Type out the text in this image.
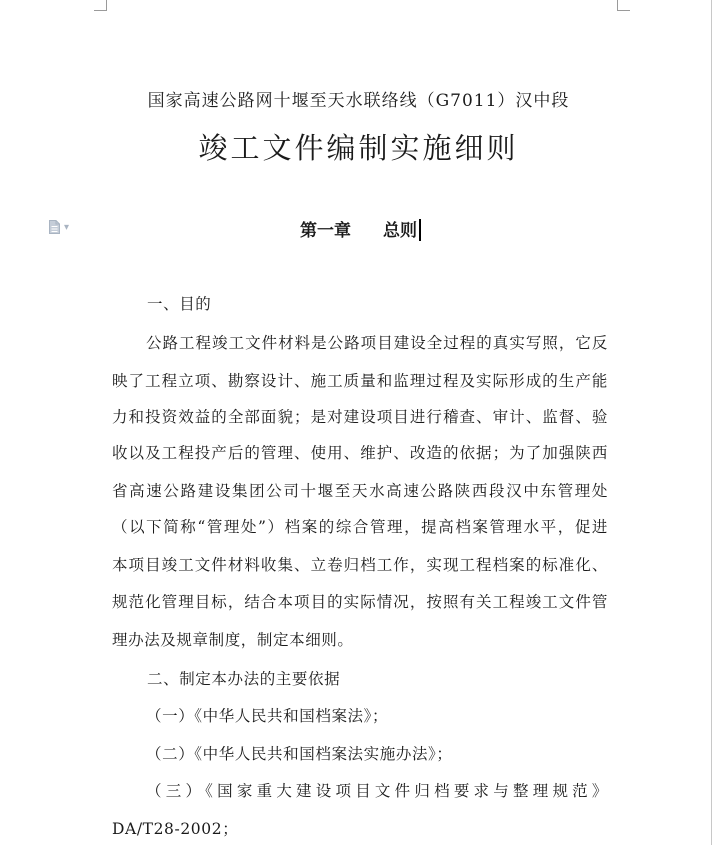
国家高速公路网十堰至天水联络线（G7011）汉中段
竣工文件编制实施细则
▾	第一章 总则
一、目的
公路工程竣工文件材料是公路项目建设全过程的真实写照，它反
映了工程立项、勘察设计、施工质量和监理过程及实际形成的生产能
力和投资效益的全部面貌；是对建设项目进行稽查、审计、监督、验
收以及工程投产后的管理、使用、维护、改造的依据；为了加强陕西
省高速公路建设集团公司十堰至天水高速公路陕西段汉中东管理处
（以下简称“管理处”）档案的综合管理，提高档案管理水平，促进
本项目竣工文件材料收集、立卷归档工作，实现工程档案的标准化、
规范化管理目标，结合本项目的实际情况，按照有关工程竣工文件管
理办法及规章制度，制定本细则。
二、制定本办法的主要依据
（一）《中华人民共和国档案法》；
（二）《中华人民共和国档案法实施办法》；
（三）《国家重大建设项目文件归档要求与整理规范》
DA/T28-2002；
